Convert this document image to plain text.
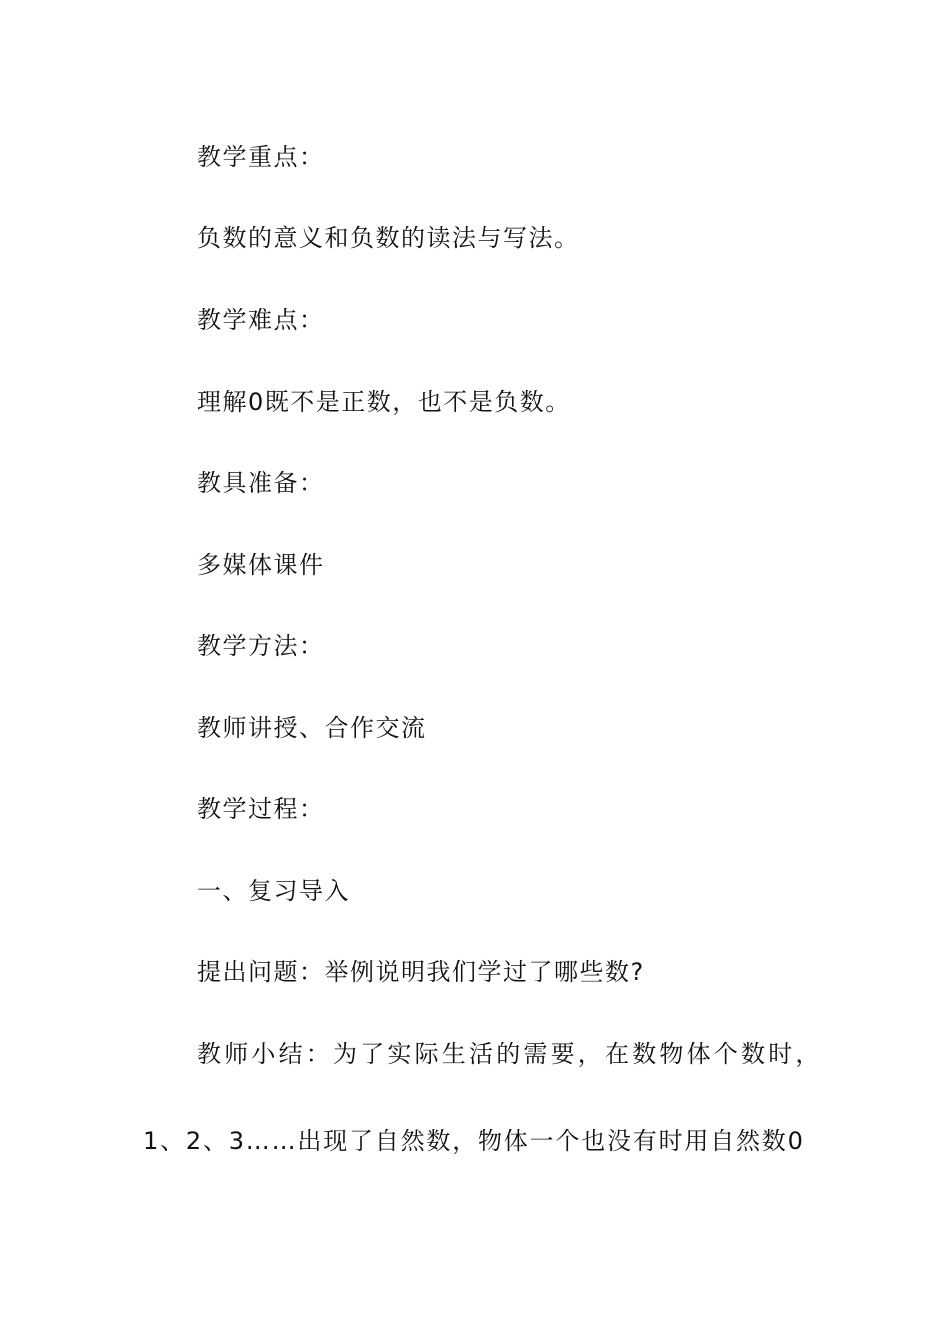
教学重点：
负数的意义和负数的读法与写法。
教学难点：
理解0既不是正数，也不是负数。
教具准备：
多媒体课件
教学方法：
教师讲授、合作交流
教学过程：
一、复习导入
提出问题：举例说明我们学过了哪些数?
教师小结：为了实际生活的需要，在数物体个数时，
1、2、3……出现了自然数，物体一个也没有时用自然数0
